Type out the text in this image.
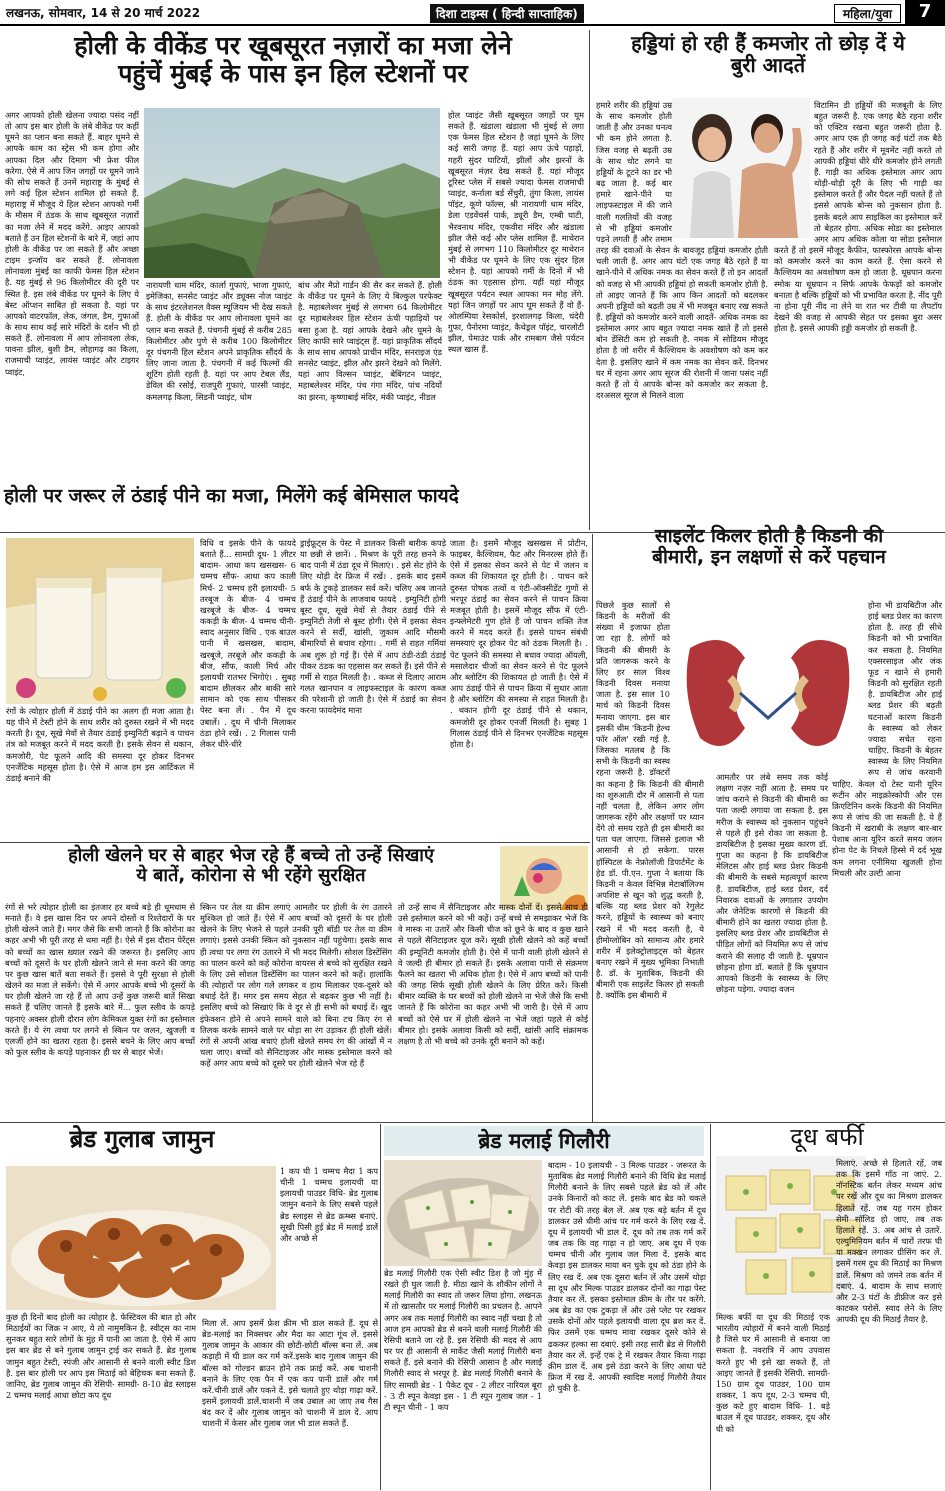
लखनऊ, सोमवार, 14 से 20 मार्च 2022	दिशा टाइम्स ( हिन्दी साप्ताहिक)	महिला/युवा	7
होली के वीकेंड पर खूबसूरत नज़ारों का मजा लेने
पहुंचें मुंबई के पास इन हिल स्टेशनों पर
अगर आपको होली खेलना ज्यादा पसंद नहीं तो आप इस बार होली के लंबे वीकेंड पर कहीं घूमने का प्लान बना सकते हैं. बाहर घूमने से आपके काम का स्ट्रेस भी कम होगा और आपका दिल और दिमाग भी फ्रेश फील करेगा. ऐसे में आप जिन जगहों पर घूमने जाने की सोच सकते हैं उनमें महाराष्ट्र के मुंबई से लगे कई हिल स्टेशन शामिल हो सकते हैं. महाराष्ट्र में मौजूद ये हिल स्टेशन आपको गर्मी के मौसम में ठंडक के साथ खूबसूरत नज़ारों का मजा लेने में मदद करेंगे. आइए आपको बताते हैं उन हिल स्टेशनों के बारे में, जहां आप होली के वीकेंड पर जा सकते हैं और अच्छा टाइम इन्जॉय कर सकते हैं. लोनावला लोनावला मुंबई का काफी फेमस हिल स्टेशन है. यह मुंबई से 96 किलोमीटर की दूरी पर स्थित है. इस लंबे वीकेंड पर घूमने के लिए ये बेस्ट ऑप्शन साबित हो सकता है. यहां पर आपको वाटरफॉल, लेक, जंगल, डैम, गुफाओं के साथ साथ कई सारे मंदिरों के दर्शन भी हो सकते हैं. लोनावला में आप लोनावला लेक, पावना झील, बुशी डैम, लोहागढ़ का किला, राजमाची प्वाइंट, लायंस प्वाइंट और टाइगर प्वाइंट,
नारायणी धाम मंदिर, कार्ला गुफाएं, भाजा गुफाएं, इमेजिका, सनसेट प्वाइंट और ड्यूक्स नोज प्वाइंट के साथ इंटरलेशनल वैक्स म्यूजियम भी देख सकते हैं. होली के वीकेंड पर आप लोनावला घूमने का प्लान बना सकते हैं. पंचगनी मुंबई से करीब 285 किलोमीटर और पुणे से करीब 100 किलोमीटर दूर पंचगनी हिल स्टेशन अपने प्राकृतिक सौंदर्य के लिए जाना जाता है. पंचगनी में कई फिल्मों की शूटिंग होती रहती है. यहां पर आप टेबल लैंड, डेविल की रसोई, राजपुरी गुफाएं, पारसी प्वाइंट, कमलगढ़ किला, सिडनी प्वाइंट, धोम
बांध और मैप्रो गार्डन की सैर कर सकते हैं. होली के वीकेंड पर घूमने के लिए ये बिल्कुल परफेक्ट है. महाबलेश्वर मुंबई से लगभग 64 किलोमीटर दूर महाबलेश्वर हिल स्टेशन ऊंची पहाड़ियों पर बसा हुआ है. यहां आपके देखने और घूमने के लिए काफी सारे प्वाइंट्स हैं. यहां प्राकृतिक सौंदर्य के साथ साथ आपको प्राचीन मंदिर, सनराइज एंड सनसेट प्वाइंट, झील और झरने देखने को मिलेंगे. यहां आप विल्सन प्वाइंट, बेबिंगटन प्वाइंट, महाबलेश्वर मंदिर, पंच गंगा मंदिर, पांच नदियों का झरना, कृष्णाबाई मंदिर, मंकी प्वाइंट, नीडल
होल प्वाइंट जैसी खूबसूरत जगहों पर घूम सकते हैं. खंडाला खंडाला भी मुंबई से लगा एक फेमस हिल स्टेशन है जहां घूमने के लिए कई सारी जगह हैं. यहां आप ऊंचे पहाड़ों, गहरी सुंदर घाटियों, झीलों और झरनों के खूबसूरत मंज़र देख सकते हैं. यहां मौजूद टूरिस्ट प्लेस में सबसे ज्यादा फेमस राजमाची प्वाइंट, कर्नाला बर्ड सेंचुरी, तुंगा किला, लायंस पॉइंट, कूणे फॉल्स, श्री नारायणी धाम मंदिर, डेला एडवेंचर्स पार्क, ड्यूरी डैम, एम्बी घाटी, भैरवनाथ मंदिर, एकवीरा मंदिर और खंडाला झील जैसे कई और प्लेस शामिल हैं. माथेरान मुंबई से लगभग 110 किलोमीटर दूर माथेरान भी वीकेंड पर घूमने के लिए एक सुंदर हिल स्टेशन है. यहां आपको गर्मी के दिनों में भी ठंडक का एहसास होगा. यहीं यहां मौजूद खूबसूरत पर्यटन स्थल आपका मन मोह लेंगे. यहां जिन जगहों पर आप घूम सकते हैं वो हैं- ओलम्पिया रेसकोर्स, इरशालगढ़ किला, चंदेरी गुफा, पैनोरमा प्वाइंट, कैथेड्रल पॉइंट, चारलोटी झील, पेमाउंट पार्क और रामबाग जैसे पर्यटन स्थल खास हैं.
हड्डियां हो रही हैं कमजोर तो छोड़ दें ये
बुरी आदतें
हमारे शरीर की हड्डियां उम्र के साथ कमजोर होती जाती हैं और उनका घनत्व भी कम होने लगता है. जिस वजह से बढ़ती उम्र के साथ चोट लगने या हड्डियों के टूटने का डर भी बढ़ जाता है. कई बार हमारे खाने-पीने या लाइफस्टाइल में की जाने वाली गलतियों की वजह से भी हड्डियां कमजोर पड़ने लगती हैं और तमाम तरह की दवाओं के सेवन के बावजूद हड्डियां कमजोर होती चली जाती हैं. अगर आप घंटों एक जगह बैठे रहते हैं या खाने-पीने में अधिक नमक का सेवन करते हैं तो इन आदतों को वजह से भी आपकी हड्डियां हो सकती कमजोर होती है. तो आइए जानते हैं कि आप किन आदतों को बदलकर अपनी हड्डियों को बढ़ती उम्र में भी मजबूत बनाए रख सकते हैं. हड्डियों को कमजोर करने वाली आदतें- अधिक नमक का इस्तेमाल अगर आप बहुत ज्यादा नमक खाते हैं तो इससे बोन डेंसिटी कम हो सकती है. नमक में सोडियम मौजूद होता है जो शरीर में कैल्शियम के अवशोषण को कम कर देता है. इसलिए खाने में कम नमक का सेवन करें. दिनभर घर में रहना अगर आप सूरज की रोशनी में जाना पसंद नहीं करते हैं तो ये आपके बोन्स को कमजोर कर सकता है. दरअसल सूरज से मिलने वाला
विटामिन डी हड्डियों की मजबूती के लिए बहुत जरूरी है. एक जगह बैठे रहना शरीर को एक्टिव रखना बहुत जरूरी होता है. अगर आप एक ही जगह कई घंटों तक बैठे रहते हैं और शरीर में मूवमेंट नहीं करते तो आपकी हड्डियां धीरे धीरे कमजोर होने लगती हैं. गाड़ी का अधिक इस्तेमाल अगर आप थोड़ी-थोड़ी दूरी के लिए भी गाड़ी का इस्तेमाल करते हैं और पैदल नहीं चलते हैं तो इससे आपके बोन्स को नुकसान होता है. इसके बदले आप साइकिल का इस्तेमाल करें तो बेहतर होगा. अधिक सोडा का इस्तेमाल अगर आप अधिक कोला या सोडा इस्तेमाल करते हैं तो इसमें मौजूद कैफीन, फास्फोरस आपके बोन्स को कमजोर करने का काम करते हैं. ऐसा करने से कैल्शियम का अवशोषण कम हो जाता है. धूम्रपान करना स्मोक या धूम्रपान न सिर्फ आपके फेफड़ों को कमजोर बनाता है बल्कि हड्डियों को भी प्रभावित करता है. नींद पूरी ना होना पूरी नींद ना लेने या रात भर टीवी या लैपटॉप देखने की वजह से आपकी सेहत पर इसका बुरा असर होता है. इससे आपकी हड्डी कमजोर हो सकती है.
होली पर जरूर लें ठंडाई पीने का मजा, मिलेंगे कई बेमिसाल फायदे
रंगों के त्योहार होली में ठंडाई पीने का अलग ही मजा आता है। यह पीने में टेस्टी होने के साथ शरीर को दुरुस्त रखने में भी मदद करती है। दूध, सूखे मेवों से तैयार ठंडाई इम्युनिटी बढ़ाने व पाचन तंत्र को मजबूत करने में मदद करती है। इसके सेवन से थकान, कमजोरी, पेट फूलने आदि की समस्या दूर होकर दिनभर एनर्जेटिक महसूस होता है। ऐसे में आज हम इस आर्टिकल में ठंडाई बनाने की
विधि व इसके पीने के फायदे बताते हैं... सामग्री दूध- 1 लीटर बादाम- आधा कप खसखस- 6 चम्मच सौंफ- आधा कप काली मिर्च- 2 चम्मच हरी इलायची- 5 तरबूज के बीज- 4 चम्मच खरबूजे के बीज- 4 चम्मच ककड़ी के बीज- 4 चम्मच चीनी- स्वाद अनुसार विधि . एक बाउल पानी में खसखस, बादाम, खरबूजे, तरबूजे और ककड़ी के बीज, सौंफ, काली मिर्च और इलायची रातभर भिगोएं। . सुबह बादाम छीलकर और बाकी सारे सामान को एक साथ पीसकर पेस्ट बना लें। . पैन में दूध उबालें। . दूध में चीनी मिलाकर ठंडा होने रखें। . 2 गिलास पानी लेकर धीरे-धीरे
ड्राईफ्रूट्स के पेस्ट में डालकर किसी बारीक कपड़े या छन्नी से छानें। . मिश्रण के पूरी तरह छनने के बाद पानी में ठंडा दूध में मिलाएं। . इसे सेट होने के लिए थोड़ी देर फ्रिज में रखें। . इसके बाद इसमें बर्फ के टुकड़े डालकर सर्व करें। चलिए अब जानते हैं ठंडाई पीने के लाजवाब फायदे . इम्युनिटी होगी बूस्ट दूध, सूखे मेवों से तैयार ठंडाई पीने से इम्युनिटी तेजी से बूस्ट होगी। ऐसे में इसका सेवन करने से सर्दी, खांसी, जुकाम आदि मौसमी बीमारियों से बचाव रहेगा। . गर्मी से राहत गर्मियां अब शुरू हो गई हैं। ऐसे में आप ठंडी-ठंडी ठंडाई पीकर ठंडक का एहसास कर सकते हैं। इसे पीने से गर्मी से राहत मिलती है। . कब्ज से दिलाए आराम गलत खानपान व लाइफस्टाइल के कारण कब्ज की परेशानी हो जाती है। ऐसे में ठंडाई का सेवन करना फायदेमंद माना
जाता है। इसमें मौजूद खसखस में प्रोटीन, फाइबर, कैल्शियम, फैट और मिनरल्स होते हैं। ऐसे में इसका सेवन करने से पेट में जलन व कब्ज की शिकायत दूर होती है। . पाचन करे दुरुस्त पोषक तत्वों व एंटी-ऑक्सीडेंट गुणों से भरपूर ठंडाई का सेवन करने से पाचन क्रिया मजबूत होती है। इसमें मौजूद सौंफ में एंटी-इन्फ्लेमेटरी गुण होते हैं जो पाचन शक्ति तेज करने में मदद करते हैं। इससे पाचन संबंधी समस्याएं दूर होकर पेट को ठंडक मिलती है। . पेट फूलने की समस्या से बचाव ज्यादा ऑयली, मसालेदार चीजों का सेवन करने से पेट फूलने और ब्लोटिंग की शिकायत हो जाती है। ऐसे में आप ठंडाई पीने से पाचन क्रिया में सुधार आता है और ब्लोटिंग की समस्या से राहत मिलती है। . थकान होगी दूर ठंडाई पीने से थकान, कमजोरी दूर होकर एनर्जी मिलती है। सुबह 1 गिलास ठंडाई पीने से दिनभर एनर्जेटिक महसूस होता है।
साइलेंट किलर होती है किडनी की
बीमारी, इन लक्षणों से करें पहचान
पिछले कुछ सालों से किडनी के मरीजों की संख्या में इजाफा होता जा रहा है. लोगों को किडनी की बीमारी के प्रति जागरूक करने के लिए हर साल विश्व किडनी दिवस मनाया जाता है. इस साल 10 मार्च को किडनी दिवस मनाया जाएगा. इस बार इसकी थीम 'किडनी हेल्थ फॉर ऑल' रखी गई है. जिसका मतलब है कि सभी के किडनी का स्वस्थ रहना जरूरी है. डॉक्टरों का कहना है कि किडनी की बीमारी का शुरुआती दौर में आसानी से पता नहीं चलता है, लेकिन अगर लोग जागरूक रहेंगे और लक्षणों पर ध्यान देंगे तो समय रहते ही इस बीमारी का पता चल जाएगा. जिससे इलाज भी आसानी से हो सकेगा. पारस हॉस्पिटल के नेफ्रोलॉजी डिपार्टमेंट के हेड डॉ. पी.एन. गुप्ता ने बताया कि किडनी न केवल विभिन्न मेटाबॉलिज्म अपशिष्ट से खून को शुद्ध करती है, बल्कि यह ब्लड प्रेशर को रेगुलेट करने, हड्डियों के स्वास्थ्य को बनाए रखने में भी मदद करती है, ये हीमोग्लोबिन को सामान्य और हमारे शरीर में इलेक्ट्रोलाइट्स को बेहतर बनाए रखने में मुख्य भूमिका निभाती है. डॉ. के मुताबिक, किडनी की बीमारी एक साइलेंट किलर हो सकती है. क्योंकि इस बीमारी में
आमतौर पर लंबे समय तक कोई लक्षण नज़र नहीं आता है. समय पर जांच कराने से किडनी की बीमारी का पता जल्दी लगाया जा सकता है. इस मरीज के स्वास्थ्य को नुकसान पहुंचने से पहले ही इसे रोका जा सकता है. डायबिटीज है इसका मुख्य कारण डॉ. गुप्ता का कहना है कि डायबिटीज मेलिटस और हाई ब्लड प्रेशर किडनी की बीमारी के सबसे महत्वपूर्ण कारण हैं. डायबिटीज, हाई ब्लड प्रेशर, दर्द निवारक दवाओं के लगातार उपयोग और जेनेटिक कारणों से किडनी की बीमारी होने का खतरा ज्यादा होता है. इसलिए ब्लड प्रेशर और डायबिटीज से पीड़ित लोगों को नियमित रूप से जांच कराने की सलाह दी जाती है. धूम्रपान छोड़ना होगा डॉ. बताते हैं कि धूम्रपान आपको किडनी के स्वास्थ्य के लिए छोड़ना पड़ेगा. ज्यादा वजन
होना भी डायबिटीज और हाई ब्लड प्रेशर का कारण होता है. तरह ही सीधे किडनी को भी प्रभावित कर सकता है. नियमित एक्सरसाइज और जंक फूड न खाने से हमारी किडनी को सुरक्षित रहती है. डायबिटीज और हाई ब्लड प्रेशर की बढ़ती घटनाओं कारण किडनी के स्वास्थ्य को लेकर ज्यादा सचेत रहना चाहिए. किडनी के बेहतर स्वास्थ्य के लिए नियमित रूप से जांच करवानी चाहिए. केवल दो टेस्ट यानी यूरिन रूटीन और माइक्रोस्कोपी और एस क्रिएटिनिन करके किडनी की नियमित रूप से जांच की जा सकती है. ये हैं किडनी में खराबी के लक्षण बार-बार पेशाब आना यूरिन करते समय जलन होना पेट के निचले हिस्से में दर्द भूख कम लगना एनीमिया खुजली होना मिचली और उल्टी आना
होली खेलने घर से बाहर भेज रहे हैं बच्चे तो उन्हें सिखाएं
ये बातें, कोरोना से भी रहेंगे सुरक्षित
रंगों से भरे त्योहार होली का इंतजार हर बच्चे बड़े ही धूमधाम से मनाते हैं। वे इस खास दिन पर अपने दोस्तों व रिश्तेदारों के घर होली खेलने जाते हैं। मगर जैसे कि सभी जानते हैं कि कोरोना का कहर अभी भी पूरी तरह से थमा नहीं है। ऐसे में इस दौरान पेरेंट्स को बच्चों का खास ख्याल रखने की जरूरत है। इसलिए आप बच्चों को दूसरों के घर होली खेलने जाने से मना करने की जगह पर कुछ खास बातें बता सकते हैं। इससे वे पूरी सुरक्षा से होली खेलने का मजा ले सकेंगे। ऐसे में अगर आपके बच्चे भी दूसरों के घर होली खेलने जा रहे हैं तो आप उन्हें कुछ जरूरी बातें सिखा सकते हैं चलिए जानते हैं इसके बारे में... फुल स्लीव के कपड़े पहनाएं अक्सर होली दौरान लोग केमिकल युक्त रंगों का इस्तेमाल करते हैं। ये रंग त्वचा पर लगने से स्किन पर जलन, खुजली व एलर्जी होने का खतरा रहता है। इससे बचने के लिए आप बच्चों को फुल स्लीव के कपड़े पहनाकर ही घर से बाहर भेजें।
स्किन पर तेल या क्रीम लगाएं आमतौर पर होली के रंग उतारने मुश्किल हो जाते हैं। ऐसे में आप बच्चों को दूसरों के घर होली खेलने के लिए भेजने से पहले उनकी पूरी बॉडी पर तेल या क्रीम लगाएं। इससे उनकी स्किन को नुकसान नहीं पहुंचेगा। इसके साथ ही त्वचा पर लगा रंग उतारने में भी मदद मिलेगी। सोशल डिस्टेंसिंग का पालन करने को कहें कोरोना वायरस से बच्चे को सुरक्षित रखने के लिए उसे सोशल डिस्टेंसिंग का पालन करने को कहें। हालांकि की त्योहारों पर लोग गले लगकर व हाथ मिलाकर एक-दूसरे को बधाई देते हैं। मगर इस समय सेहत से बढ़कर कुछ भी नहीं है। इसलिए बच्चे को सिखाएं कि वे दूर से ही सभी को बधाई दें। खुद इंफेक्शन होने से अपने सामने वाले को बिना टच किए रंग से तिलक करके सामने वाले पर थोड़ा सा रंग उड़ाकर ही होली खेलें। रंगों से अपनी आंख बचाएं होली खेलते समय रंग की आंखों में न चला जाए। बच्चों को सैनिटाइजर और मास्क इस्तेमाल करने को कहें अगर आप बच्चे को दूसरे घर होली खेलने भेज रहे हैं
तो उन्हें साथ में सैनिटाइजर और मास्क दोनों दें। इससे साथ ही उसे इस्तेमाल करने को भी कहें। उन्हें बच्चे से समझाकर भेजें कि वे मास्क ना उतारें और किसी चीज को छूने के बाद व कुछ खाने से पहले सैनिटाइजर यूज करें। सूखी होली खेलने को कहें बच्चों की इम्यूनिटी कमजोर होती है। ऐसे में पानी वाली होली खेलने से वे जल्दी ही बीमार हो सकते हैं। इसके अलावा पानी से संक्रमण फैलने का खतरा भी अधिक होता है। ऐसे में आप बच्चों को पानी की जगह सिर्फ सूखी होली खेलने के लिए प्रेरित करें। किसी बीमार व्यक्ति के घर बच्चों को होली खेलने ना भेजें जैसे कि सभी जानते हैं कि कोरोना का कहर अभी भी जारी है। ऐसे में आप बच्चों को ऐसे घर में होली खेलने ना भेजें जहां पहले से कोई बीमार हो। इसके अलावा किसी को सर्दी, खांसी आदि संक्रामक लक्षण है तो भी बच्चे को उनके दूरी बनाने को कहें।
ब्रेड गुलाब जामुन
कुछ ही दिनों बाद होली का त्योहार है. फेस्टिवल की बात हो और मिठाईयों का जिक्र न आए, ये तो नामुमकिन है. स्वीट्स का नाम सुनकर बहुत सारे लोगों के मुंह में पानी आ जाता है. ऐसे में आप इस बार ब्रेड से बने गुलाब जामुन ट्राई कर सकते हैं. ब्रेड गुलाब जामुन बहुत टेस्टी, स्पंजी और आसानी से बनने वाली स्वीट डिश है. इस बार होली पर आप इस मिठाई को बेहिचक बना सकते हैं. जानिए, ब्रेड गुलाब जामुन की रेसिपी- सामग्री- 8-10 ब्रेड स्लाइस 2 चम्मच मलाई आधा छोटा कप दूध
1 कप घी 1 चम्मच मैदा 1 कप चीनी 1 चम्मच इलायची या इलायची पाउडर विधि- ब्रेड गुलाब जामुन बनाने के लिए सबसे पहले ब्रेड स्लाइस से ब्रेड क्रम्ब्स बनाएं. सूखी पिसी हुई ब्रेड में मलाई डालें और अच्छे से
मिला लें. आप इसमें फ्रेश क्रीम भी डाल सकते हैं. दूध से ब्रेड-मलाई का मिक्सचर और मैदा का आटा गूंथ लें. इससे गुलाब जामुन के आकार की छोटी-छोटी बॉल्स बना लें. अब कड़ाही में घी डाल कर गर्म करें.इसके बाद गुलाब जामुन की बॉल्स को गोल्डन ब्राउन होने तक फ्राई करें. अब चाशनी बनाने के लिए एक पैन में एक कप पानी डालें और गर्म करें.चीनी डालें और पकने दें. इसे चलाते हुए थोड़ा गाढ़ा करें. इसमें इलायची डालें.चाशनी में जब उबाल आ जाए तब गैस बंद कर दें और गुलाब जामुन को चाशनी में डाल दें. आप चाशनी में केसर और गुलाब जल भी डाल सकते हैं.
ब्रेड मलाई गिलौरी
ब्रेड मलाई गिलौरी एक ऐसी स्वीट डिश है जो मुंह में रखते ही घुल जाती है. मीठा खाने के शौकीन लोगों ने मलाई गिलौरी का स्वाद तो जरूर लिया होगा. लखनऊ में तो खासतौर पर मलाई गिलौरी का प्रचलन है. आपने अगर अब तक मलाई गिलौरी का स्वाद नहीं चखा है तो आज हम आपको ब्रेड से बनने वाली मलाई गिलौरी की रेसिपी बताने जा रहे हैं. इस रेसिपी की मदद से आप घर पर ही आसानी से मार्केट जैसी मलाई गिलौरी बना सकते हैं. इसे बनाने की रेसिपी आसान है और मलाई गिलौरी स्वाद से भरपूर है. ब्रेड मलाई गिलौरी बनाने के लिए सामग्री ब्रेड - 1 पैकेट दूध - 2 लीटर नारियल बूरा - 3 टी स्पून केवड़ा इस - 1 टी स्पून गुलाब जल - 1 टी स्पून चीनी - 1 कप
बादाम - 10 इलायची - 3 मिल्क पाउडर - जरूरत के मुताबिक ब्रेड मलाई गिलौरी बनाने की विधि ब्रेड मलाई गिलौरी बनाने के लिए सबसे पहले ब्रेड को लें और उनके किनारों को काट लें. इसके बाद ब्रेड को चकले पर रोटी की तरह बेल लें. अब एक बड़े बर्तन में दूध डालकर उसे धीमी आंच पर गर्म करने के लिए रख दें. दूध में इलायची भी डाल दें. दूध को तब तक गर्म करें जब तक कि वह गाढ़ा न हो जाए. अब दूध में एक चम्मच चीनी और गुलाब जल मिला दें. इसके बाद केवड़ा इस डालकर माया बन चुके दूध को ठंडा होने के लिए रख दें. अब एक दूसरा बर्तन लें और उसमें थोड़ा सा दूध और मिल्क पाउडर डालकर दोनों का गाढ़ा पेस्ट तैयार कर लें. इसका इस्तेमाल क्रीम के तौर पर करेंगे. अब ब्रेड का एक टुकड़ा लें और उसे प्लेट पर रखकर उसके दोनों ओर पहले इलायची वाला दूध ब्रश कर दें. फिर उसमें एक चम्मच मावा रखकर दूसरे कोने से ढककर हल्का सा दबाएं. इसी तरह सारी ब्रेड से गिलौरी तैयार कर लें. इन्हें एक ट्रे में रखकर तैयार किया गाढ़ा क्रीम डाल दें. अब इसे ठंडा करने के लिए आधा घंटे फ्रिज में रख दें. आपकी स्वादिष्ट मलाई गिलौरी तैयार हो चुकी है.
दूध बर्फी
मिल्क बर्फी या दूध की मिठाई एक भारतीय त्योहारों में बनने वाली मिठाई है जिसे घर में आसानी से बनाया जा सकता है. नवरात्रि में आप उपवास करते हुए भी इसे खा सकते हैं, तो आइए जानते हैं इसकी रेसिपी. सामग्री- 150 ग्राम दूध पाउडर, 100 ग्राम शक्कर, 1 कप दूध, 2-3 चम्मच घी, कुछ कटे हुए बादाम विधि- 1. बड़े बाउल में दूध पाउडर, शक्कर, दूध और घी को
मिलाएं. अच्छे से हिलाते रहें, जब तक कि इसमें गाँठ ना जाएं. 2. नॉनस्टिक बर्तन लेकर मध्यम आंच पर रखें और दूध का मिश्रण डालकर हिलाते रहें. जब यह गरम होकर सेमी सॉलिड हो जाए, तब तक हिलाते रहें. 3. अब आंच से उतारें. एल्युमिनियम बर्तन में चारों तरफ घी या मक्खन लगाकर ग्रीसिंग कर लें. इसमें गरम दूध की मिठाई का मिश्रण डालें. मिश्रण को जमने तक बर्तन में दबाएं. 4. बादाम के साथ सजाएं और 2-3 घंटों के डीफ्रीज कर इसे काटकर परोसें. स्वाद लेने के लिए आपकी दूध की मिठाई तैयार है.
